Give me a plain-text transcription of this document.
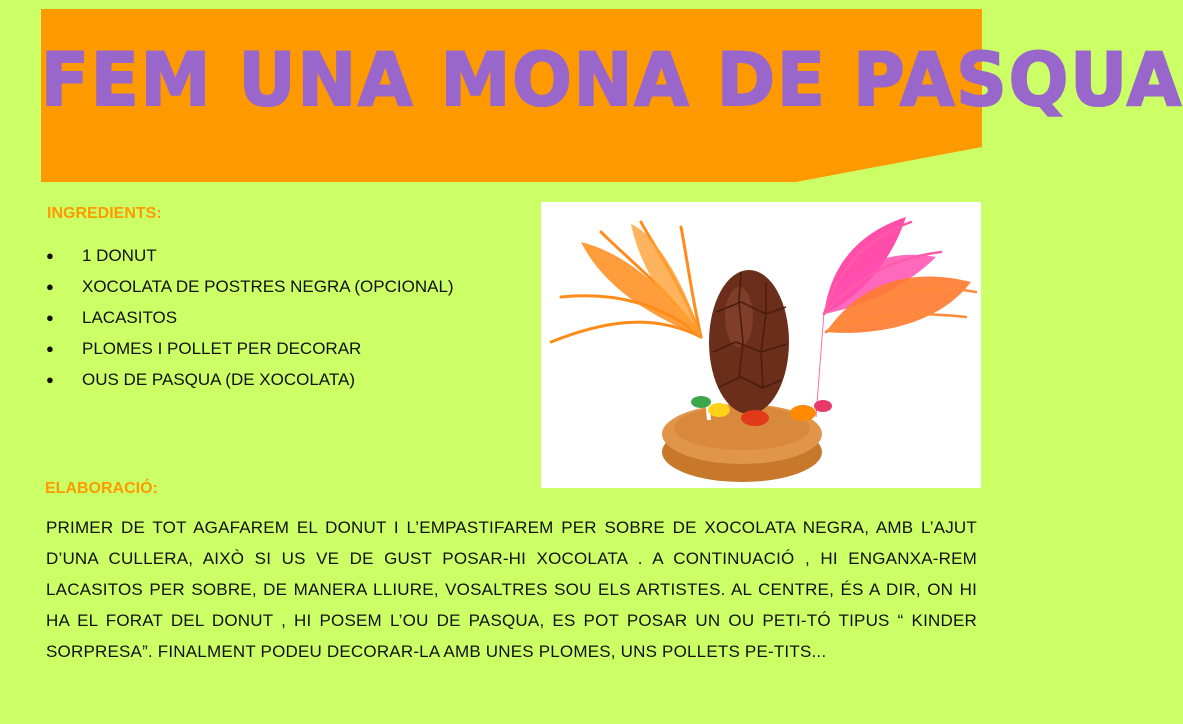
FEM UNA MONA DE PASQUA
INGREDIENTS:
●	1 DONUT
●	XOCOLATA DE POSTRES NEGRA (OPCIONAL)
●	LACASITOS
●	PLOMES I POLLET PER DECORAR
●	OUS DE PASQUA (DE XOCOLATA)
ELABORACIÓ:
PRIMER DE TOT AGAFAREM EL DONUT I L’EMPASTIFAREM PER SOBRE DE XOCOLATA NEGRA, AMB L’AJUT D’UNA CULLERA, AIXÒ SI US VE DE GUST POSAR-HI XOCOLATA . A CONTINUACIÓ , HI ENGANXA-REM LACASITOS PER SOBRE, DE MANERA LLIURE, VOSALTRES SOU ELS ARTISTES. AL CENTRE, ÉS A DIR, ON HI HA EL FORAT DEL DONUT , HI POSEM L’OU DE PASQUA, ES POT POSAR UN OU PETI-TÓ TIPUS “ KINDER SORPRESA”. FINALMENT PODEU DECORAR-LA AMB UNES PLOMES, UNS POLLETS PE-TITS...
